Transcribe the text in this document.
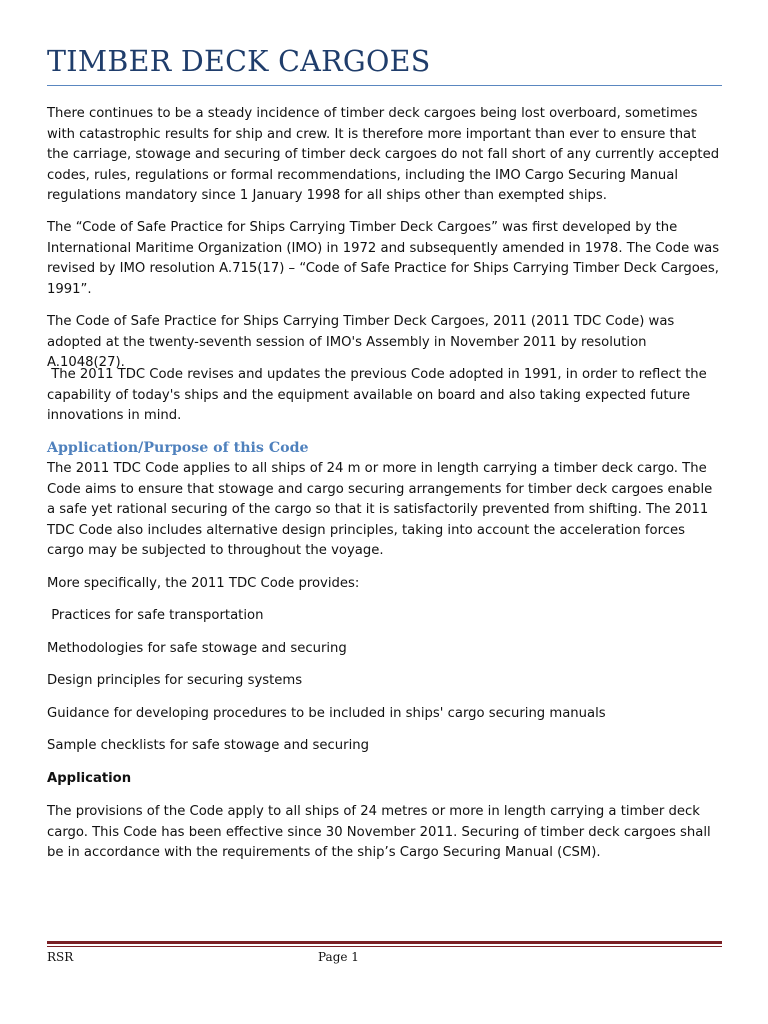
TIMBER DECK CARGOES

There continues to be a steady incidence of timber deck cargoes being lost overboard, sometimes with catastrophic results for ship and crew. It is therefore more important than ever to ensure that the carriage, stowage and securing of timber deck cargoes do not fall short of any currently accepted codes, rules, regulations or formal recommendations, including the IMO Cargo Securing Manual regulations mandatory since 1 January 1998 for all ships other than exempted ships.

The “Code of Safe Practice for Ships Carrying Timber Deck Cargoes” was first developed by the International Maritime Organization (IMO) in 1972 and subsequently amended in 1978. The Code was revised by IMO resolution A.715(17) – “Code of Safe Practice for Ships Carrying Timber Deck Cargoes, 1991”.

The Code of Safe Practice for Ships Carrying Timber Deck Cargoes, 2011 (2011 TDC Code) was adopted at the twenty-seventh session of IMO's Assembly in November 2011 by resolution A.1048(27).

The 2011 TDC Code revises and updates the previous Code adopted in 1991, in order to reflect the capability of today's ships and the equipment available on board and also taking expected future innovations in mind.

Application/Purpose of this Code

The 2011 TDC Code applies to all ships of 24 m or more in length carrying a timber deck cargo. The Code aims to ensure that stowage and cargo securing arrangements for timber deck cargoes enable a safe yet rational securing of the cargo so that it is satisfactorily prevented from shifting. The 2011 TDC Code also includes alternative design principles, taking into account the acceleration forces cargo may be subjected to throughout the voyage.

More specifically, the 2011 TDC Code provides:

Practices for safe transportation

Methodologies for safe stowage and securing

Design principles for securing systems

Guidance for developing procedures to be included in ships' cargo securing manuals

Sample checklists for safe stowage and securing

Application

The provisions of the Code apply to all ships of 24 metres or more in length carrying a timber deck cargo. This Code has been effective since 30 November 2011. Securing of timber deck cargoes shall be in accordance with the requirements of the ship’s Cargo Securing Manual (CSM).

RSR	Page 1
